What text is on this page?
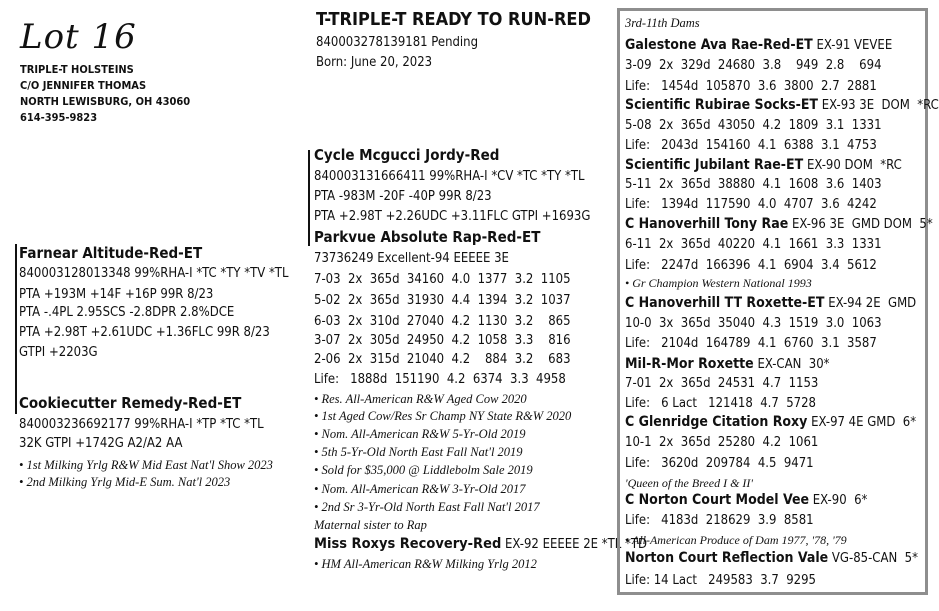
Lot 16
TRIPLE-T HOLSTEINS
C/O JENNIFER THOMAS
NORTH LEWISBURG, OH 43060
614-395-9823
T-TRIPLE-T READY TO RUN-RED
840003278139181 Pending
Born: June 20, 2023
Farnear Altitude-Red-ET
840003128013348 99%RHA-I *TC *TY *TV *TL
PTA +193M +14F +16P 99R 8/23
PTA -.4PL 2.95SCS -2.8DPR 2.8%DCE
PTA +2.98T +2.61UDC +1.36FLC 99R 8/23
GTPI +2203G
Cookiecutter Remedy-Red-ET
840003236692177 99%RHA-I *TP *TC *TL
32K GTPI +1742G A2/A2 AA
• 1st Milking Yrlg R&W Mid East Nat'l Show 2023
• 2nd Milking Yrlg Mid-E Sum. Nat'l 2023
Cycle Mcgucci Jordy-Red
840003131666411 99%RHA-I *CV *TC *TY *TL
PTA -983M -20F -40P 99R 8/23
PTA +2.98T +2.26UDC +3.11FLC GTPI +1693G
Parkvue Absolute Rap-Red-ET
73736249 Excellent-94 EEEEE 3E
7-03  2x  365d  34160  4.0  1377  3.2  1105
5-02  2x  365d  31930  4.4  1394  3.2  1037
6-03  2x  310d  27040  4.2  1130  3.2    865
3-07  2x  305d  24950  4.2  1058  3.3    816
2-06  2x  315d  21040  4.2    884  3.2    683
Life:   1888d  151190  4.2  6374  3.3  4958
• Res. All-American R&W Aged Cow 2020
• 1st Aged Cow/Res Sr Champ NY State R&W 2020
• Nom. All-American R&W 5-Yr-Old 2019
• 5th 5-Yr-Old North East Fall Nat'l 2019
• Sold for $35,000 @ Liddlebolm Sale 2019
• Nom. All-American R&W 3-Yr-Old 2017
• 2nd Sr 3-Yr-Old North East Fall Nat'l 2017
Maternal sister to Rap
Miss Roxys Recovery-Red EX-92 EEEEE 2E *TL *TD
• HM All-American R&W Milking Yrlg 2012
3rd-11th Dams
Galestone Ava Rae-Red-ET EX-91 VEVEE
3-09  2x  329d  24680  3.8    949  2.8    694
Life:   1454d  105870  3.6  3800  2.7  2881
Scientific Rubirae Socks-ET EX-93 3E  DOM  *RC
5-08  2x  365d  43050  4.2  1809  3.1  1331
Life:   2043d  154160  4.1  6388  3.1  4753
Scientific Jubilant Rae-ET EX-90 DOM  *RC
5-11  2x  365d  38880  4.1  1608  3.6  1403
Life:   1394d  117590  4.0  4707  3.6  4242
C Hanoverhill Tony Rae EX-96 3E  GMD DOM  5*
6-11  2x  365d  40220  4.1  1661  3.3  1331
Life:   2247d  166396  4.1  6904  3.4  5612
• Gr Champion Western National 1993
C Hanoverhill TT Roxette-ET EX-94 2E  GMD
10-0  3x  365d  35040  4.3  1519  3.0  1063
Life:   2104d  164789  4.1  6760  3.1  3587
Mil-R-Mor Roxette EX-CAN  30*
7-01  2x  365d  24531  4.7  1153
Life:   6 Lact   121418  4.7  5728
C Glenridge Citation Roxy EX-97 4E GMD  6*
10-1  2x  365d  25280  4.2  1061
Life:   3620d  209784  4.5  9471
'Queen of the Breed I & II'
C Norton Court Model Vee EX-90  6*
Life:   4183d  218629  3.9  8581
• All-American Produce of Dam 1977, '78, '79
Norton Court Reflection Vale VG-85-CAN  5*
Life: 14 Lact   249583  3.7  9295
